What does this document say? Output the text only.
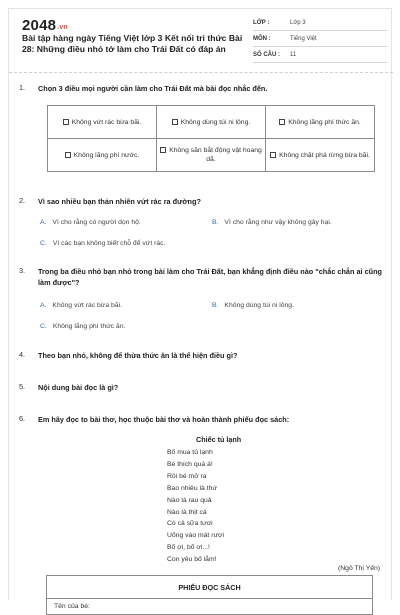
2048.vn
Bài tập hàng ngày Tiếng Việt lớp 3 Kết nối tri thức Bài 28: Những điều nhỏ tớ làm cho Trái Đất có đáp án
LỚP :	Lớp 3
MÔN :	Tiếng Việt
SỐ CÂU :	11
1. Chọn 3 điều mọi người cần làm cho Trái Đất mà bài đọc nhắc đến.
Không vứt rác bừa bãi.	Không dùng túi ni lông.	Không lãng phí thức ăn.
Không lãng phí nước.	Không săn bắt động vật hoang dã.	Không chặt phá rừng bừa bãi.
2. Vì sao nhiều bạn thản nhiên vứt rác ra đường?
A. Vì cho rằng có người dọn hộ.	B. Vì cho rằng như vậy không gây hại.
C. Vì các bạn không biết chỗ để vứt rác.
3. Trong ba điều nhỏ bạn nhỏ trong bài làm cho Trái Đất, bạn khẳng định điều nào "chắc chắn ai cũng làm được"?
A. Không vứt rác bừa bãi.	B. Không dùng túi ni lông.
C. Không lãng phí thức ăn.
4. Theo bạn nhỏ, không để thừa thức ăn là thể hiện điều gì?
5. Nội dung bài đọc là gì?
6. Em hãy đọc to bài thơ, học thuộc bài thơ và hoàn thành phiếu đọc sách:
Chiếc tủ lạnh
Bố mua tủ lạnh
Bé thích quá á!
Rồi bé mở ra
Bao nhiêu là thứ
Nào là rau quả
Nào là thịt cá
Có cả sữa tươi
Uống vào mát rượi
Bố ơi, bố ơi...!
Con yêu bố lắm!
(Ngô Thị Yến)
PHIẾU ĐỌC SÁCH
Tên của bé:
